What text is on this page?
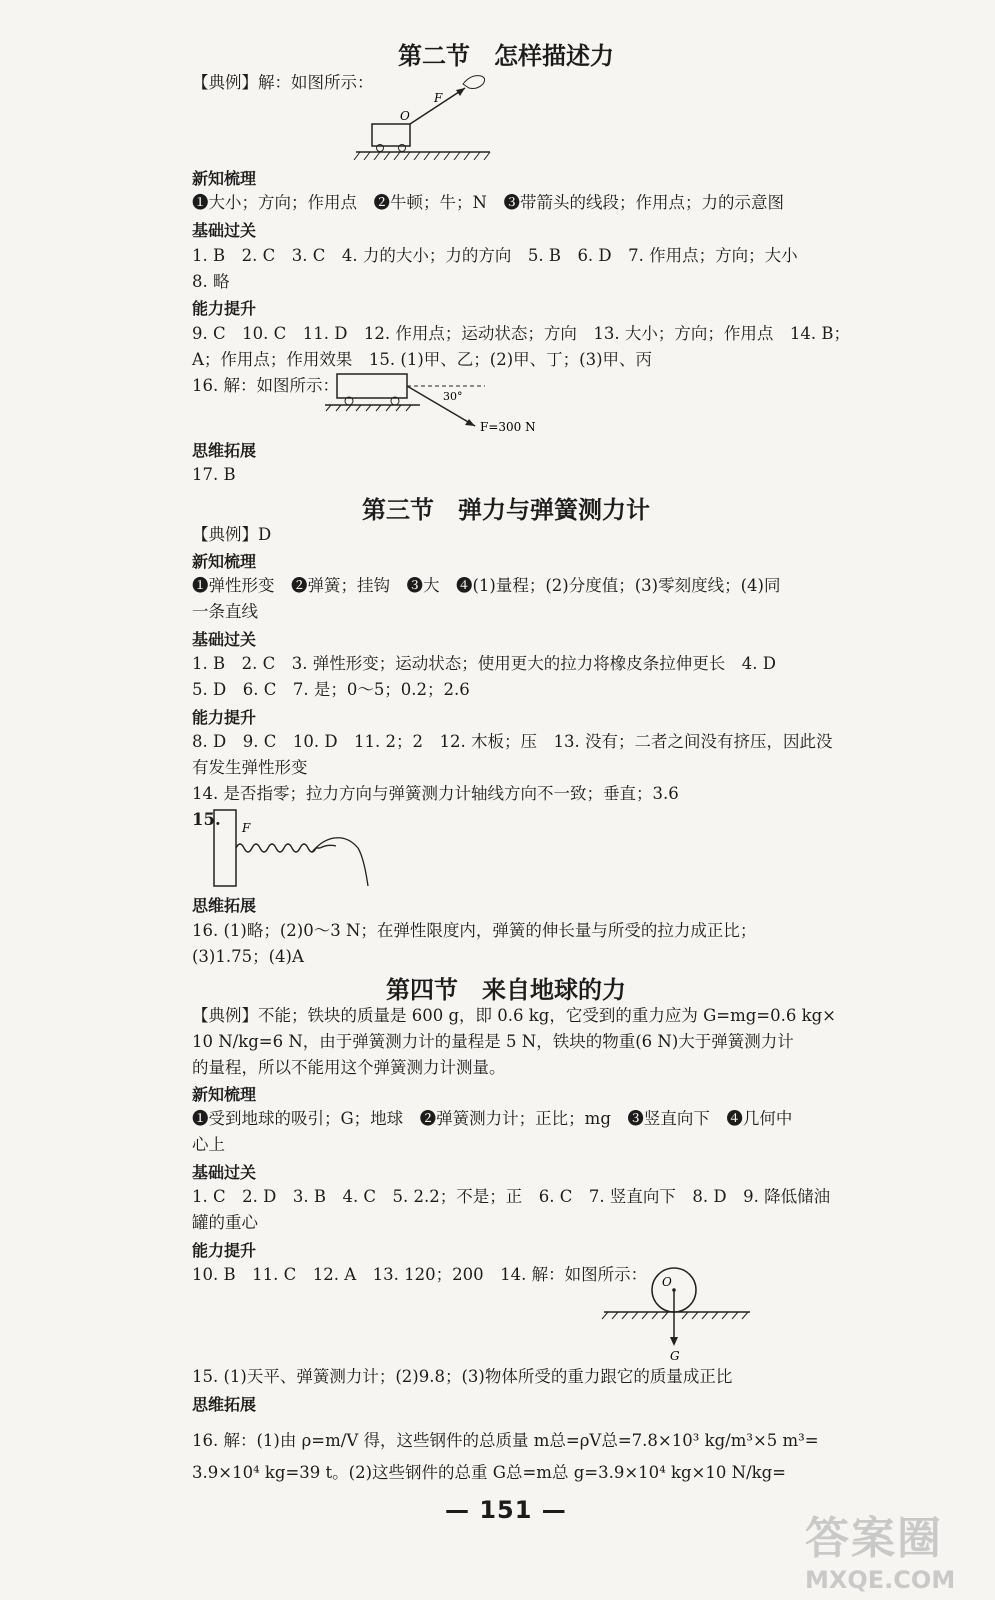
第二节　怎样描述力
【典例】解：如图所示：
O
F
新知梳理
❶大小；方向；作用点　❷牛顿；牛；N　❸带箭头的线段；作用点；力的示意图
基础过关
1. B　2. C　3. C　4. 力的大小；力的方向　5. B　6. D　7. 作用点；方向；大小
8. 略
能力提升
9. C　10. C　11. D　12. 作用点；运动状态；方向　13. 大小；方向；作用点　14. B；
A；作用点；作用效果　15. (1)甲、乙；(2)甲、丁；(3)甲、丙
16. 解：如图所示：
30°
F=300 N
思维拓展
17. B
第三节　弹力与弹簧测力计
【典例】D
新知梳理
❶弹性形变　❷弹簧；挂钩　❸大　❹(1)量程；(2)分度值；(3)零刻度线；(4)同
一条直线
基础过关
1. B　2. C　3. 弹性形变；运动状态；使用更大的拉力将橡皮条拉伸更长　4. D
5. D　6. C　7. 是；0～5；0.2；2.6
能力提升
8. D　9. C　10. D　11. 2；2　12. 木板；压　13. 没有；二者之间没有挤压，因此没
有发生弹性形变
14. 是否指零；拉力方向与弹簧测力计轴线方向不一致；垂直；3.6
15. F
思维拓展
16. (1)略；(2)0～3 N；在弹性限度内，弹簧的伸长量与所受的拉力成正比；
(3)1.75；(4)A
第四节　来自地球的力
【典例】不能；铁块的质量是 600 g，即 0.6 kg，它受到的重力应为 G=mg=0.6 kg×
10 N/kg=6 N，由于弹簧测力计的量程是 5 N，铁块的物重(6 N)大于弹簧测力计
的量程，所以不能用这个弹簧测力计测量。
新知梳理
❶受到地球的吸引；G；地球　❷弹簧测力计；正比；mg　❸竖直向下　❹几何中
心上
基础过关
1. C　2. D　3. B　4. C　5. 2.2；不是；正　6. C　7. 竖直向下　8. D　9. 降低储油
罐的重心
能力提升
10. B　11. C　12. A　13. 120；200　14. 解：如图所示： O
G
15. (1)天平、弹簧测力计；(2)9.8；(3)物体所受的重力跟它的质量成正比
思维拓展
16. 解：(1)由 ρ=m/V 得，这些钢件的总质量 m总=ρV总=7.8×10³ kg/m³×5 m³=
3.9×10⁴ kg=39 t。(2)这些钢件的总重 G总=m总 g=3.9×10⁴ kg×10 N/kg=
— 151 —
答案圈
MXQE.COM
